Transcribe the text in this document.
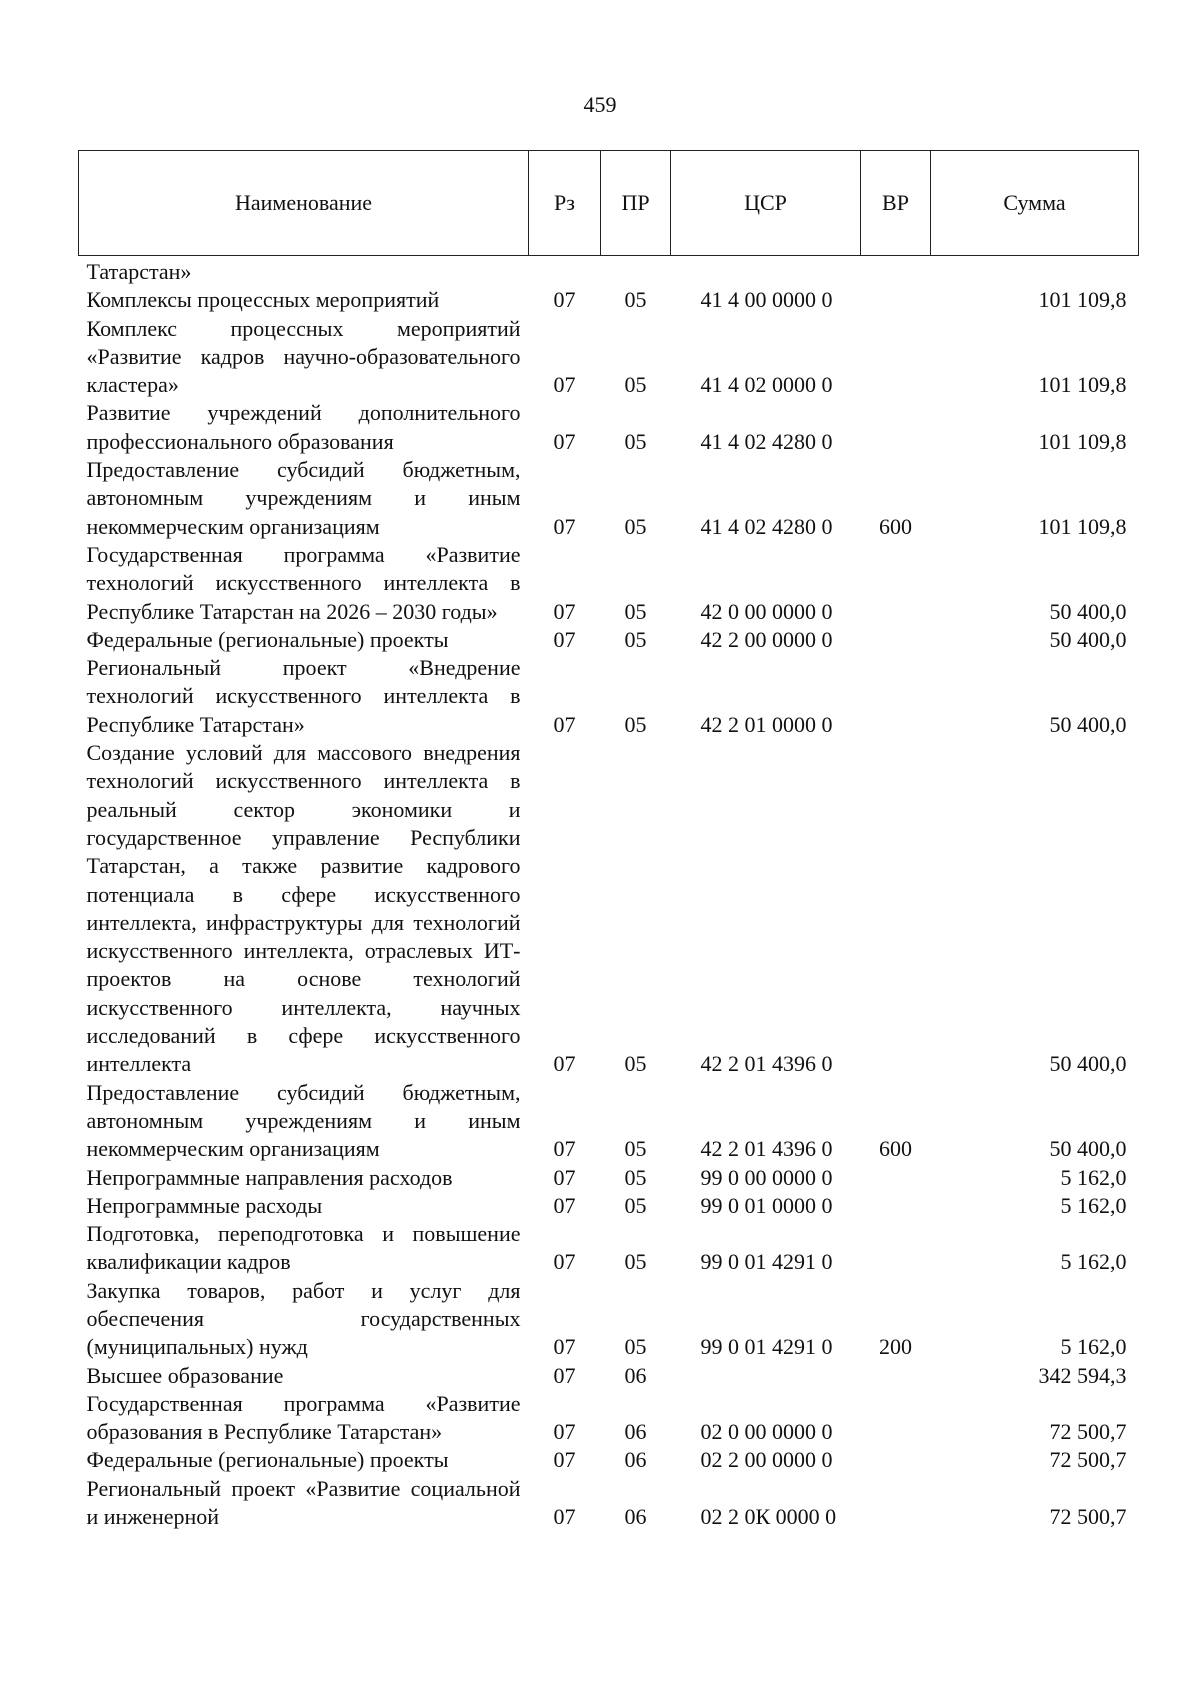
459
Наименование	Рз	ПР	ЦСР	ВР	Сумма
Татарстан»					
Комплексы процессных мероприятий	07	05	41 4 00 0000 0		101 109,8
Комплекс процессных мероприятий «Развитие кадров научно-образовательного кластера»	07	05	41 4 02 0000 0		101 109,8
Развитие учреждений дополнительного профессионального образования	07	05	41 4 02 4280 0		101 109,8
Предоставление субсидий бюджетным, автономным учреждениям и иным некоммерческим организациям	07	05	41 4 02 4280 0	600	101 109,8
Государственная программа «Развитие технологий искусственного интеллекта в Республике Татарстан на 2026 – 2030 годы»	07	05	42 0 00 0000 0		50 400,0
Федеральные (региональные) проекты	07	05	42 2 00 0000 0		50 400,0
Региональный проект «Внедрение технологий искусственного интеллекта в Республике Татарстан»	07	05	42 2 01 0000 0		50 400,0
Создание условий для массового внедрения технологий искусственного интеллекта в реальный сектор экономики и государственное управление Республики Татарстан, а также развитие кадрового потенциала в сфере искусственного интеллекта, инфраструктуры для технологий искусственного интеллекта, отраслевых ИТ-проектов на основе технологий искусственного интеллекта, научных исследований в сфере искусственного интеллекта	07	05	42 2 01 4396 0		50 400,0
Предоставление субсидий бюджетным, автономным учреждениям и иным некоммерческим организациям	07	05	42 2 01 4396 0	600	50 400,0
Непрограммные направления расходов	07	05	99 0 00 0000 0		5 162,0
Непрограммные расходы	07	05	99 0 01 0000 0		5 162,0
Подготовка, переподготовка и повышение квалификации кадров	07	05	99 0 01 4291 0		5 162,0
Закупка товаров, работ и услуг для обеспечения государственных (муниципальных) нужд	07	05	99 0 01 4291 0	200	5 162,0
Высшее образование	07	06			342 594,3
Государственная программа «Развитие образования в Республике Татарстан»	07	06	02 0 00 0000 0		72 500,7
Федеральные (региональные) проекты	07	06	02 2 00 0000 0		72 500,7
Региональный проект «Развитие социальной и инженерной	07	06	02 2 0К 0000 0		72 500,7
